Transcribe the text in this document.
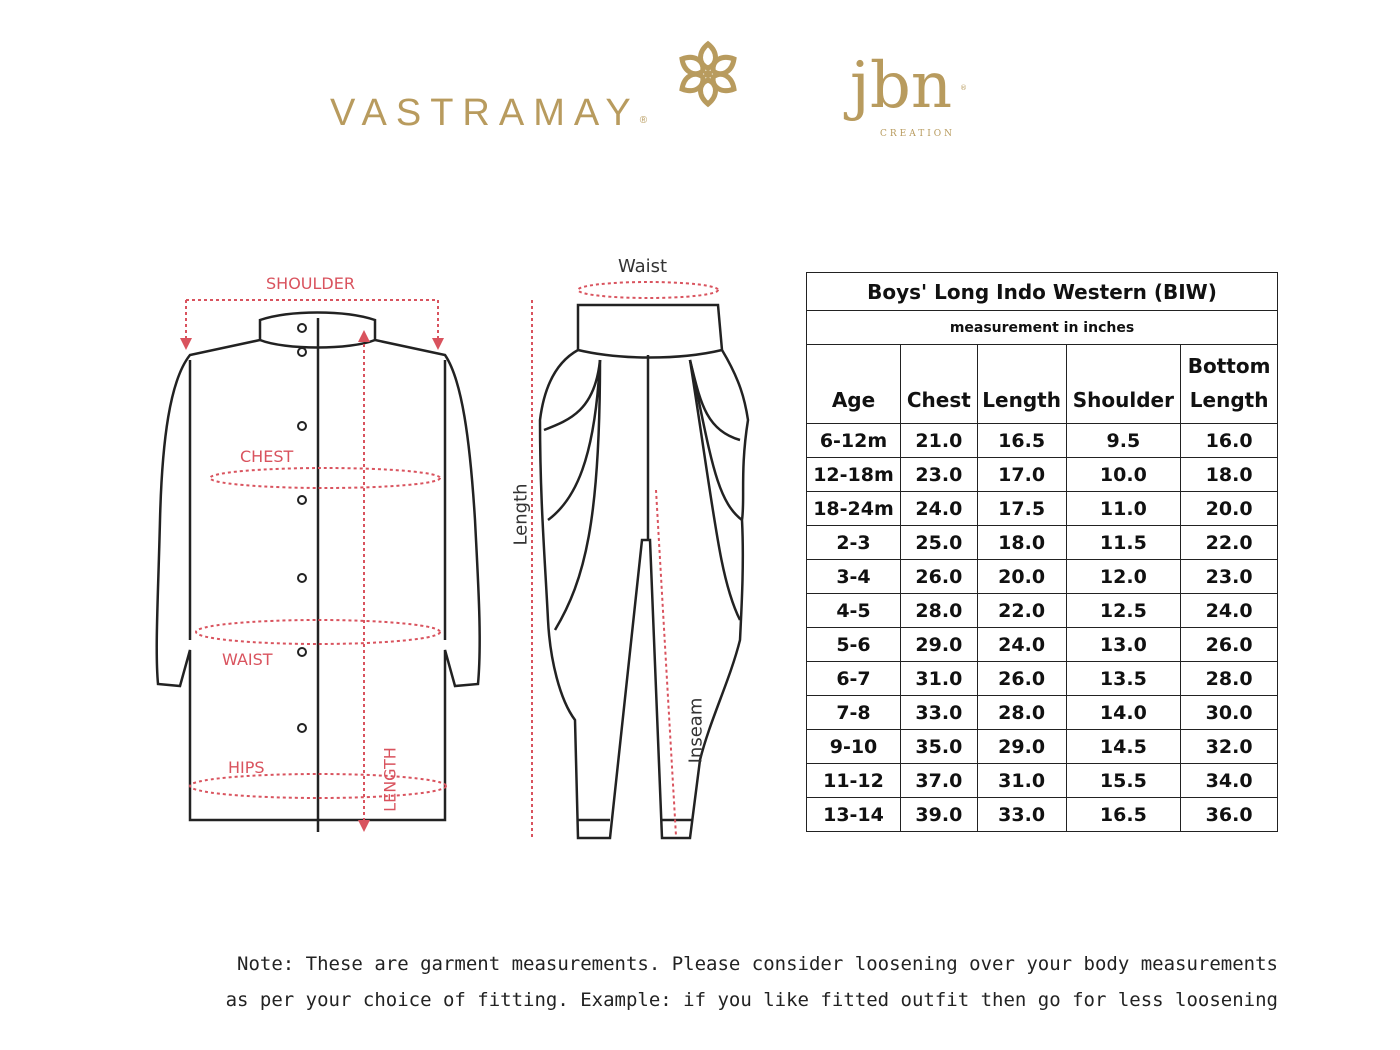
VASTRAMAY®	jbn ®
CREATION
SHOULDER
CHEST
WAIST
HIPS	LENGTH
Waist
Length
Inseam
Boys' Long Indo Western (BIW)				
measurement in inches				
Age	Chest	Length	Shoulder	Bottom
Length
6-12m	21.0	16.5	9.5	16.0
12-18m	23.0	17.0	10.0	18.0
18-24m	24.0	17.5	11.0	20.0
2-3	25.0	18.0	11.5	22.0
3-4	26.0	20.0	12.0	23.0
4-5	28.0	22.0	12.5	24.0
5-6	29.0	24.0	13.0	26.0
6-7	31.0	26.0	13.5	28.0
7-8	33.0	28.0	14.0	30.0
9-10	35.0	29.0	14.5	32.0
11-12	37.0	31.0	15.5	34.0
13-14	39.0	33.0	16.5	36.0
Note: These are garment measurements. Please consider loosening over your body measurements
as per your choice of fitting. Example: if you like fitted outfit then go for less loosening
